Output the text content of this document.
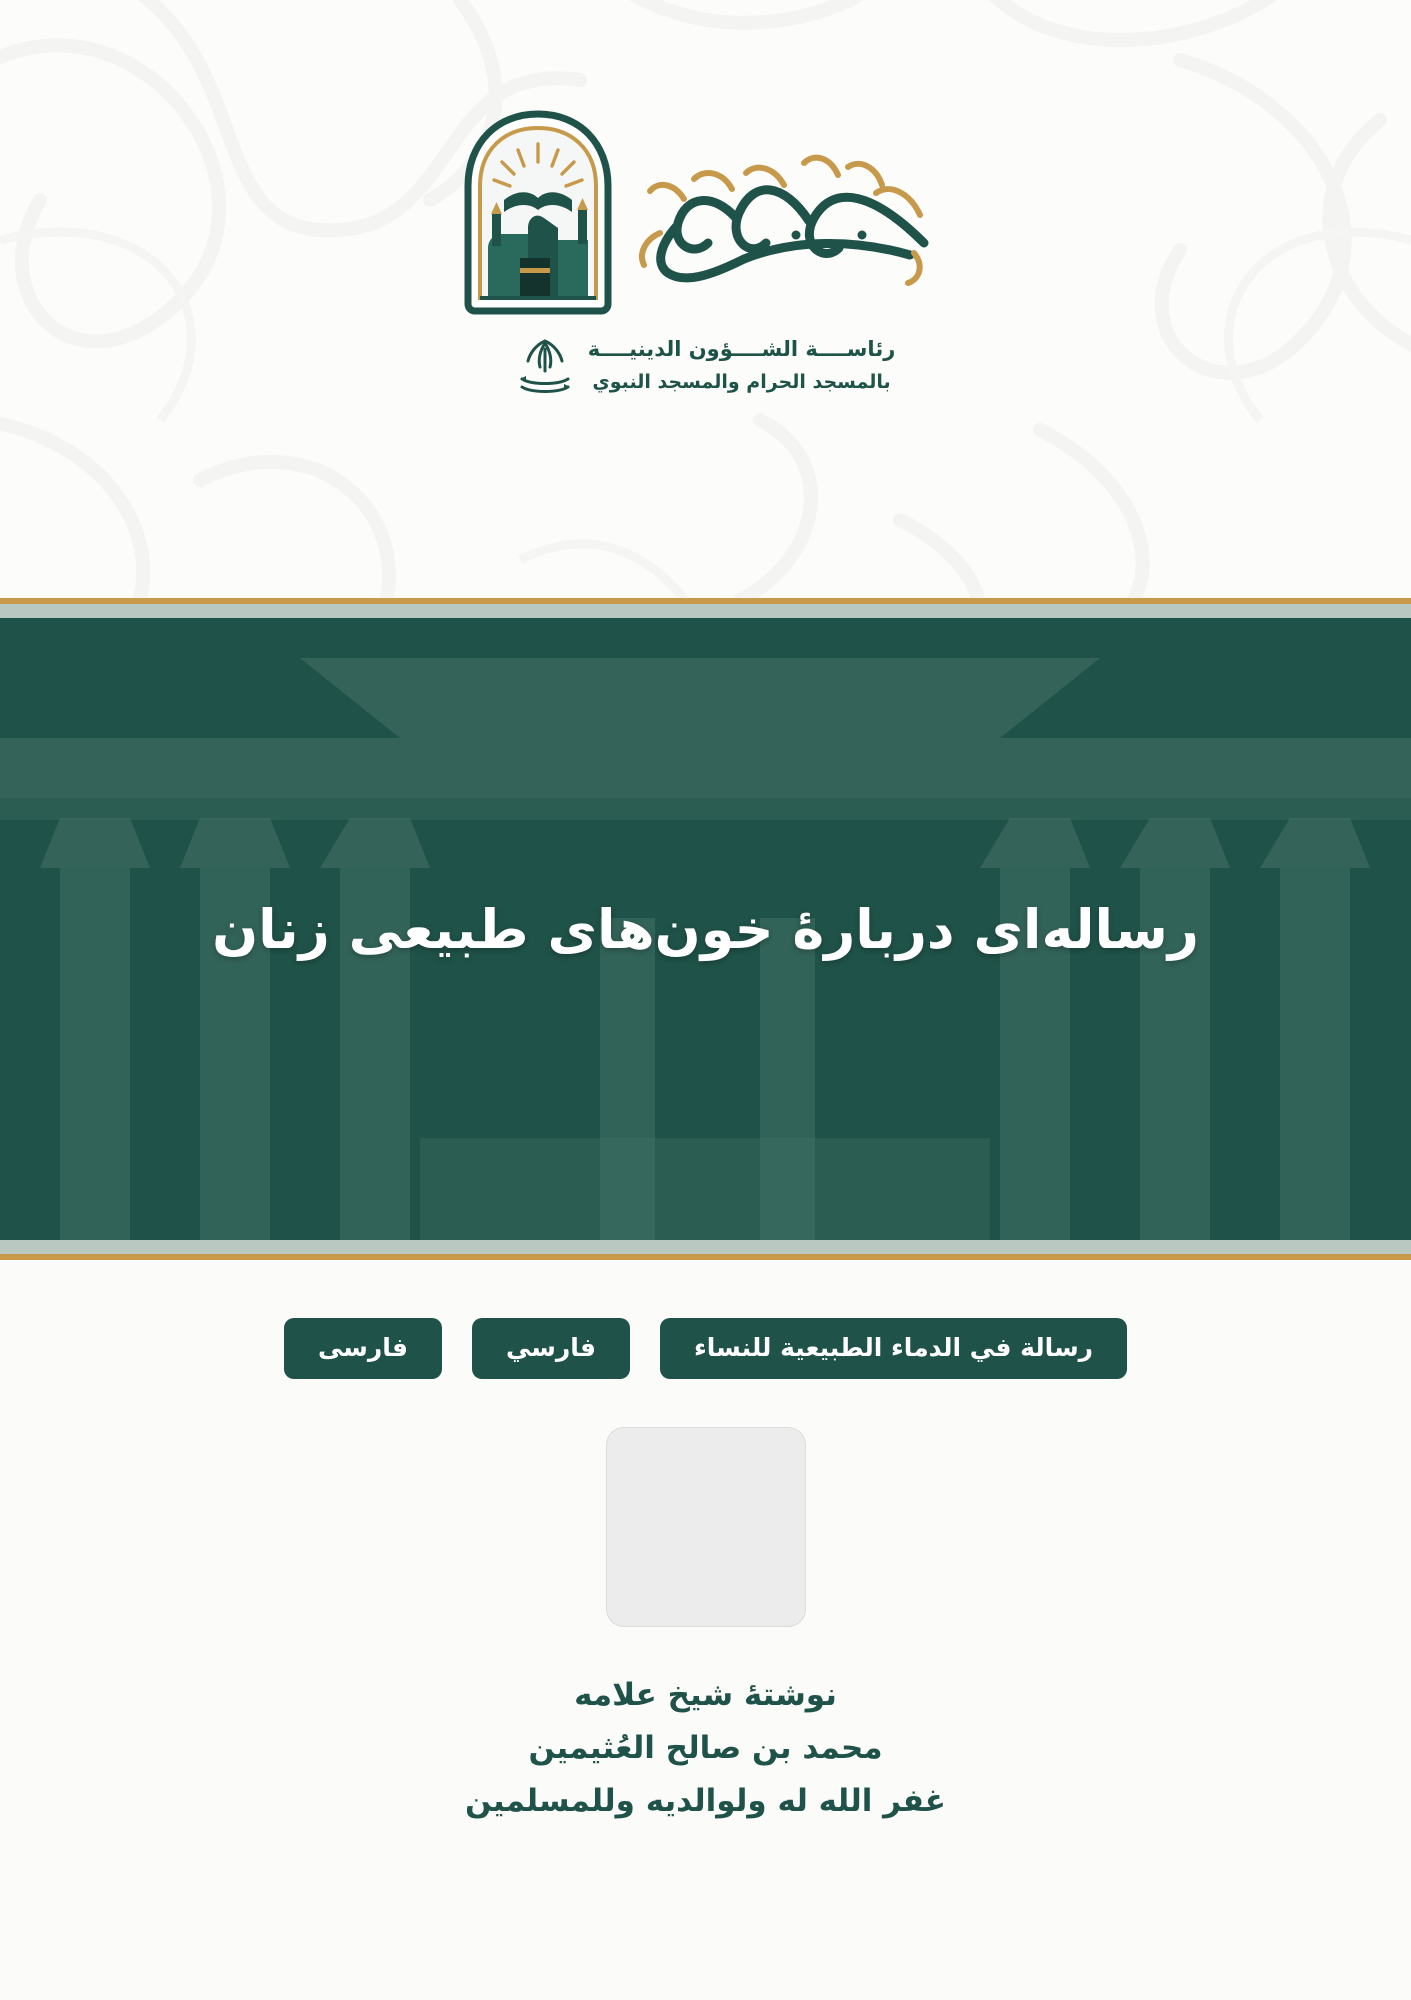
رئاســــة الشــــؤون الدينيــــة
بالمسجد الحرام والمسجد النبوي
رساله‌ای دربارۀ خون‌های طبیعی زنان
رسالة في الدماء الطبيعية للنساء
فارسي
فارسی
نوشتۀ شیخ علامه
محمد بن صالح العُثيمين
غفر الله له ولوالديه وللمسلمين
